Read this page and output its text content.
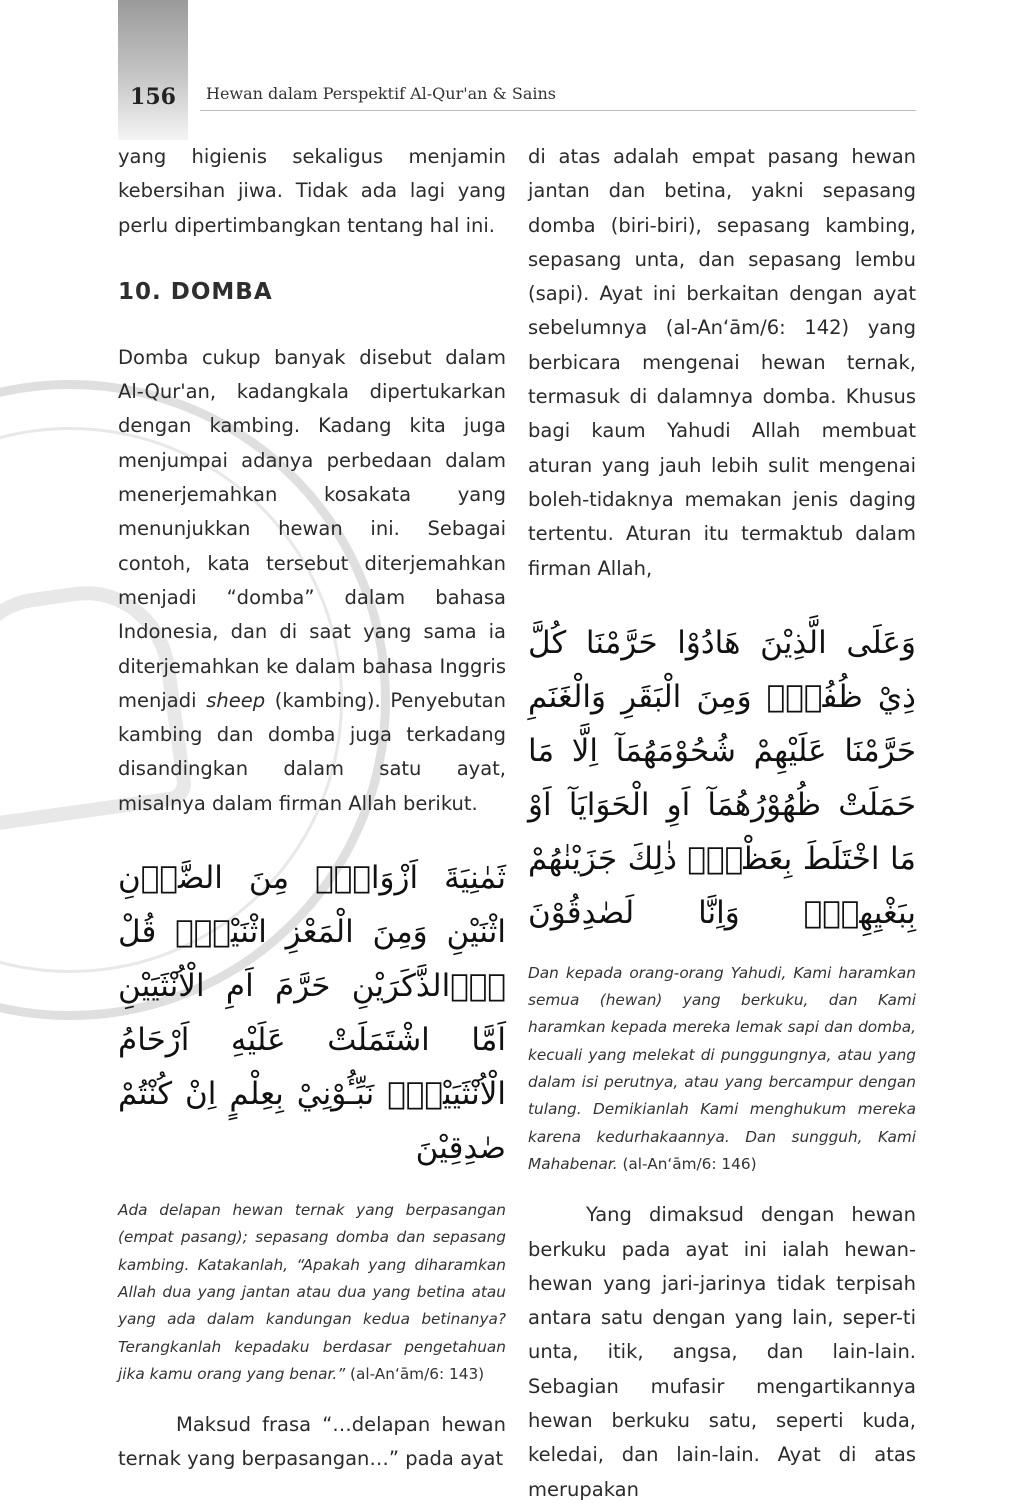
156	Hewan dalam Perspektif Al-Qur'an & Sains

yang higienis sekaligus menjamin kebersihan jiwa. Tidak ada lagi yang perlu dipertimbangkan tentang hal ini.

10. DOMBA

Domba cukup banyak disebut dalam Al-Qur'an, kadangkala dipertukarkan dengan kambing. Kadang kita juga menjumpai adanya perbedaan dalam menerjemahkan kosakata yang menunjukkan hewan ini. Sebagai contoh, kata tersebut diterjemahkan menjadi “domba” dalam bahasa Indonesia, dan di saat yang sama ia diterjemahkan ke dalam bahasa Inggris menjadi sheep (kambing). Penyebutan kambing dan domba juga terkadang disandingkan dalam satu ayat, misalnya dalam firman Allah berikut.

ثَمٰنِيَةَ اَزْوَاجٍۚ مِنَ الضَّاۡنِ اثْنَيْنِ وَمِنَ الْمَعْزِ اثْنَيْنِۗ قُلْ ءٰۤالذَّكَرَيْنِ حَرَّمَ اَمِ الْاُنْثَيَيْنِ اَمَّا اشْتَمَلَتْ عَلَيْهِ اَرْحَامُ الْاُنْثَيَيْنِۗ نَبِّـُٔوْنِيْ بِعِلْمٍ اِنْ كُنْتُمْ صٰدِقِيْنَ

Ada delapan hewan ternak yang berpasangan (empat pasang); sepasang domba dan sepasang kambing. Katakanlah, “Apakah yang diharamkan Allah dua yang jantan atau dua yang betina atau yang ada dalam kandungan kedua betinanya? Terangkanlah kepadaku berdasar pengetahuan jika kamu orang yang benar.” (al-An‘ām/6: 143)

Maksud frasa “…delapan hewan ternak yang berpasangan…” pada ayat

di atas adalah empat pasang hewan jantan dan betina, yakni sepasang domba (biri-biri), sepasang kambing, sepasang unta, dan sepasang lembu (sapi). Ayat ini berkaitan dengan ayat sebelumnya (al-An‘ām/6: 142) yang berbicara mengenai hewan ternak, termasuk di dalamnya domba. Khusus bagi kaum Yahudi Allah membuat aturan yang jauh lebih sulit mengenai boleh-tidaknya memakan jenis daging tertentu. Aturan itu termaktub dalam firman Allah,

وَعَلَى الَّذِيْنَ هَادُوْا حَرَّمْنَا كُلَّ ذِيْ ظُفُرٍۚ وَمِنَ الْبَقَرِ وَالْغَنَمِ حَرَّمْنَا عَلَيْهِمْ شُحُوْمَهُمَآ اِلَّا مَا حَمَلَتْ ظُهُوْرُهُمَآ اَوِ الْحَوَايَآ اَوْ مَا اخْتَلَطَ بِعَظْمٍۗ ذٰلِكَ جَزَيْنٰهُمْ بِبَغْيِهِمْۖ وَاِنَّا لَصٰدِقُوْنَ

Dan kepada orang-orang Yahudi, Kami haramkan semua (hewan) yang berkuku, dan Kami haramkan kepada mereka lemak sapi dan domba, kecuali yang melekat di punggungnya, atau yang dalam isi perutnya, atau yang bercampur dengan tulang. Demikianlah Kami menghukum mereka karena kedurhakaannya. Dan sungguh, Kami Mahabenar. (al-An‘ām/6: 146)

Yang dimaksud dengan hewan berkuku pada ayat ini ialah hewan-hewan yang jari-jarinya tidak terpisah antara satu dengan yang lain, seper-ti unta, itik, angsa, dan lain-lain. Sebagian mufasir mengartikannya hewan berkuku satu, seperti kuda, keledai, dan lain-lain. Ayat di atas merupakan
